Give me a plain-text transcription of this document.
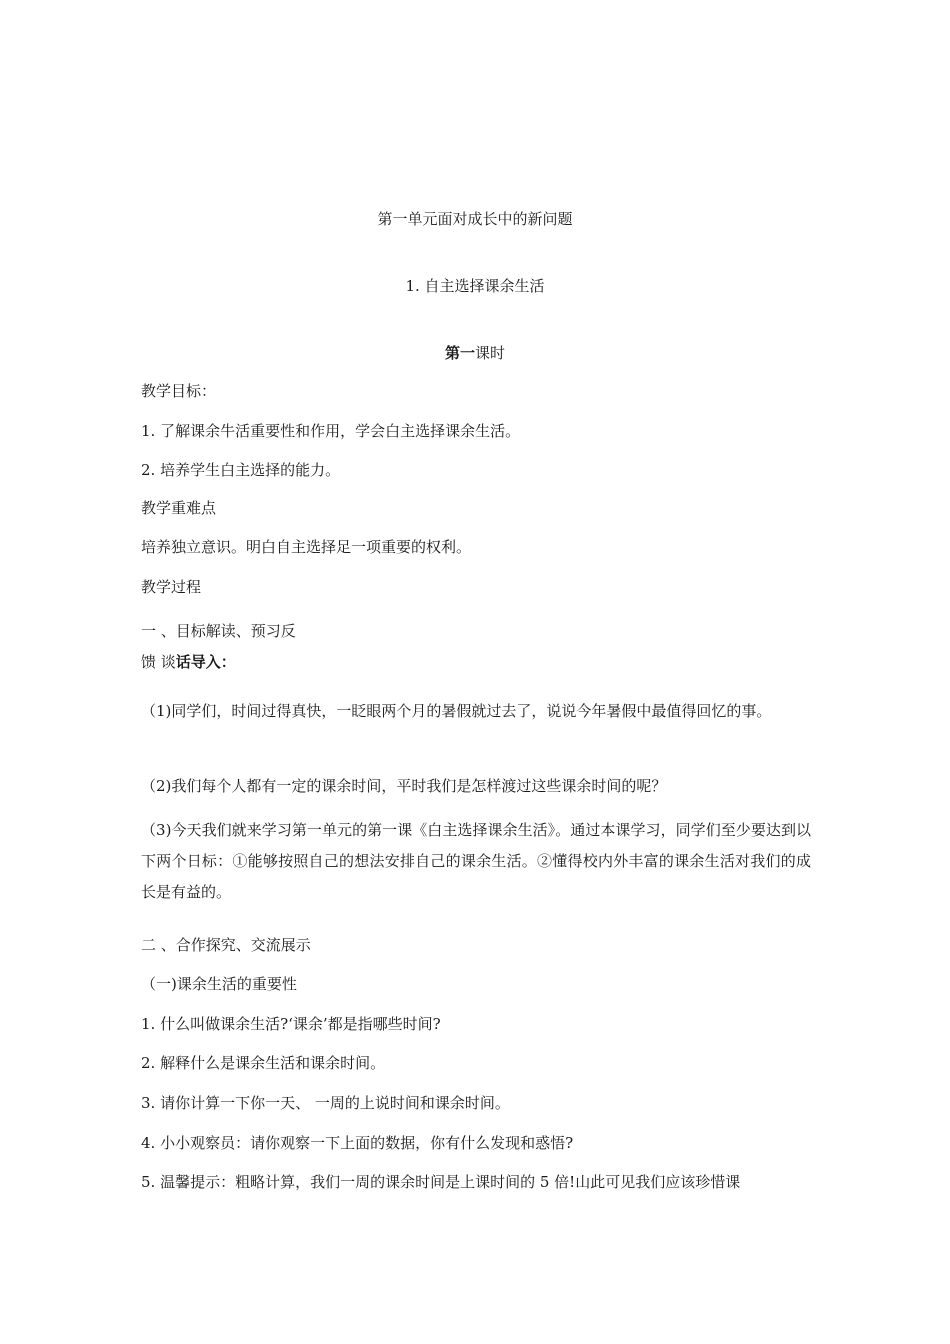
第一单元面对成长中的新问题
1. 自主选择课余生活
第一课时
教学目标：
1. 了解课余牛活重要性和作用，学会白主选择课余生活。
2. 培养学生白主选择的能力。
教学重难点
培养独立意识。明白自主选择足一项重要的权利。
教学过程
一 、目标解读、预习反
馈 谈话导入：
（1)同学们，时间过得真快，一眨眼两个月的暑假就过去了，说说今年暑假中最值得回忆的事。
（2)我们每个人都有一定的课余时间，平时我们是怎样渡过这些课余时间的呢？
（3)今天我们就来学习第一单元的第一课《白主选择课余生活》。通过本课学习，同学们至少要达到以下两个日标：①能够按照自己的想法安排自己的课余生活。②懂得校内外丰富的课余生活对我们的成长是有益的。
二 、合作探究、交流展示
（一)课余生活的重要性
1. 什么叫做课余生活?‘课余’都是指哪些时间?
2. 解释什么是课余生活和课余时间。
3. 请你计算一下你一天、 一周的上说时间和课余时间。
4. 小小观察员：请你观察一下上面的数据，你有什么发现和惑悟?
5. 温馨提示：粗略计算，我们一周的课余时间是上课时间的 5 倍!山此可见我们应该珍惜课
